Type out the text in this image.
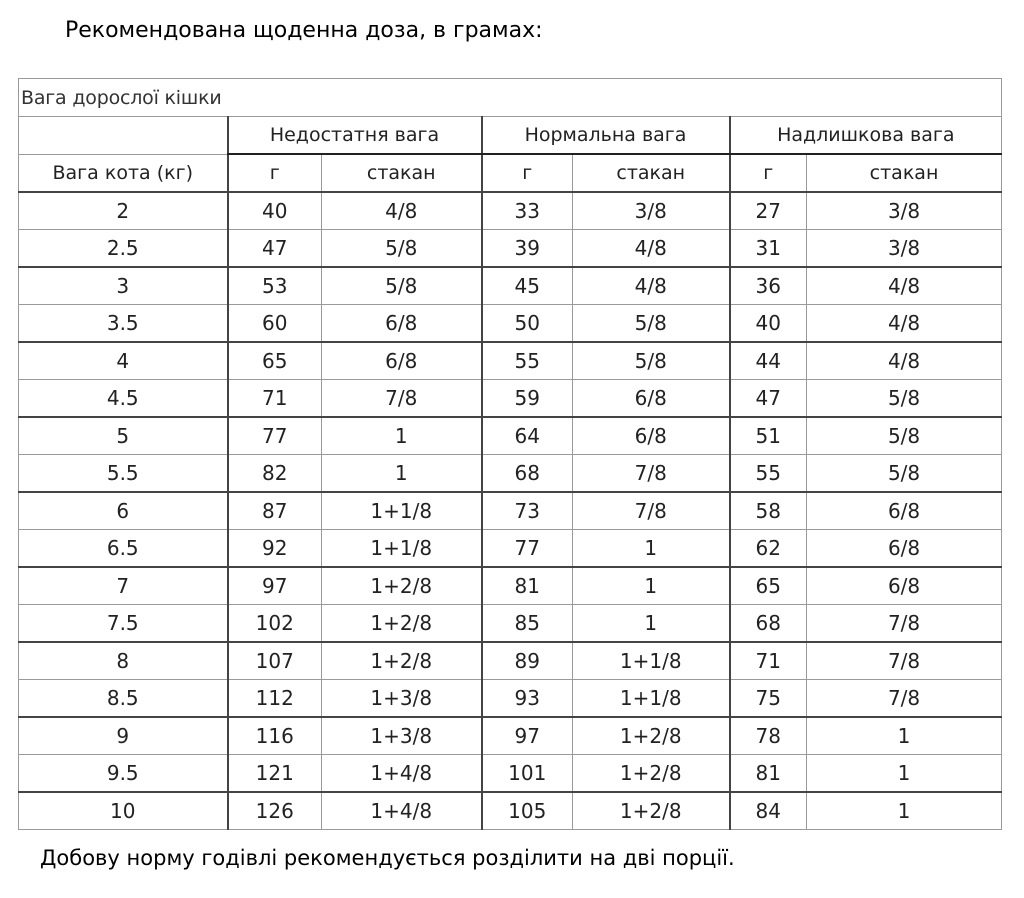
Рекомендована щоденна доза, в грамах:
Вага дорослої кішки						
	Недостатня вага		Нормальна вага		Надлишкова вага	
Вага кота (кг)	г	стакан	г	стакан	г	стакан
2	40	4/8	33	3/8	27	3/8
2.5	47	5/8	39	4/8	31	3/8
3	53	5/8	45	4/8	36	4/8
3.5	60	6/8	50	5/8	40	4/8
4	65	6/8	55	5/8	44	4/8
4.5	71	7/8	59	6/8	47	5/8
5	77	1	64	6/8	51	5/8
5.5	82	1	68	7/8	55	5/8
6	87	1+1/8	73	7/8	58	6/8
6.5	92	1+1/8	77	1	62	6/8
7	97	1+2/8	81	1	65	6/8
7.5	102	1+2/8	85	1	68	7/8
8	107	1+2/8	89	1+1/8	71	7/8
8.5	112	1+3/8	93	1+1/8	75	7/8
9	116	1+3/8	97	1+2/8	78	1
9.5	121	1+4/8	101	1+2/8	81	1
10	126	1+4/8	105	1+2/8	84	1
Добову норму годівлі рекомендується розділити на дві порції.
